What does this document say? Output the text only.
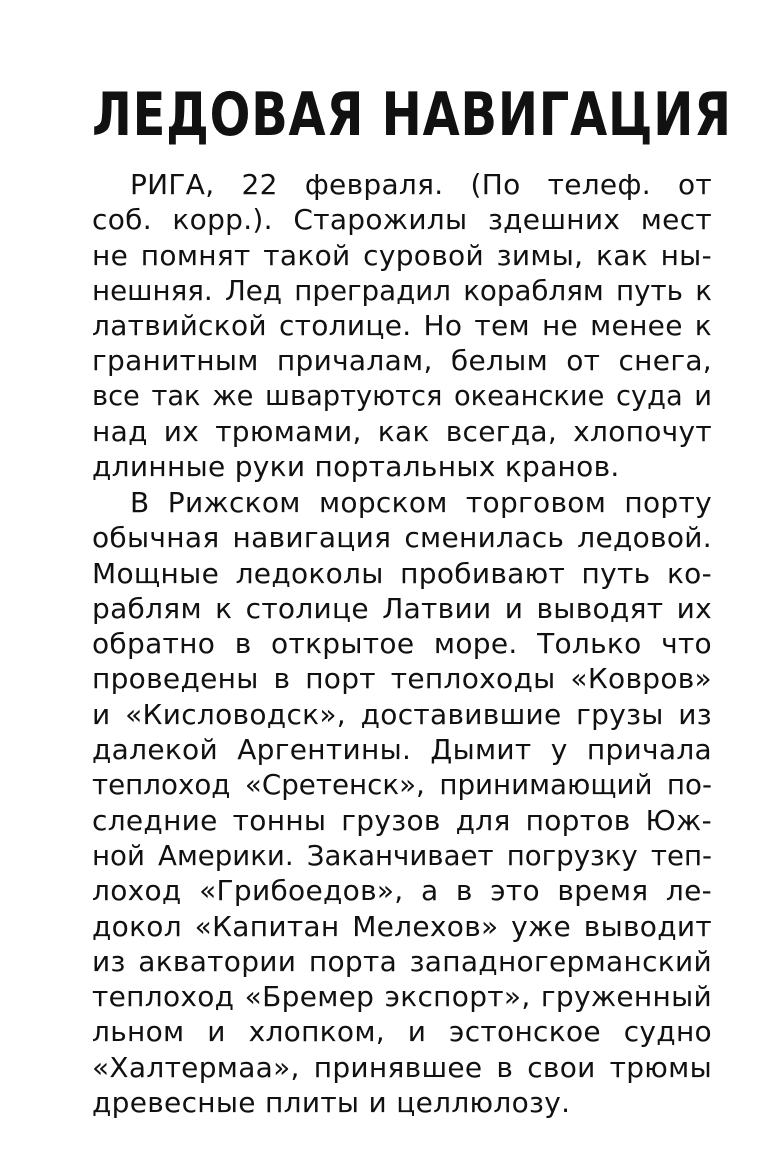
ЛЕДОВАЯ НАВИГАЦИЯ
РИГА, 22 февраля. (По телеф. от
соб. корр.). Старожилы здешних мест
не помнят такой суровой зимы, как ны-
нешняя. Лед преградил кораблям путь к
латвийской столице. Но тем не менее к
гранитным причалам, белым от снега,
все так же швартуются океанские суда и
над их трюмами, как всегда, хлопочут
длинные руки портальных кранов.
В Рижском морском торговом порту
обычная навигация сменилась ледовой.
Мощные ледоколы пробивают путь ко-
раблям к столице Латвии и выводят их
обратно в открытое море. Только что
проведены в порт теплоходы «Ковров»
и «Кисловодск», доставившие грузы из
далекой Аргентины. Дымит у причала
теплоход «Сретенск», принимающий по-
следние тонны грузов для портов Юж-
ной Америки. Заканчивает погрузку теп-
лоход «Грибоедов», а в это время ле-
докол «Капитан Мелехов» уже выводит
из акватории порта западногерманский
теплоход «Бремер экспорт», груженный
льном и хлопком, и эстонское судно
«Халтермаа», принявшее в свои трюмы
древесные плиты и целлюлозу.
